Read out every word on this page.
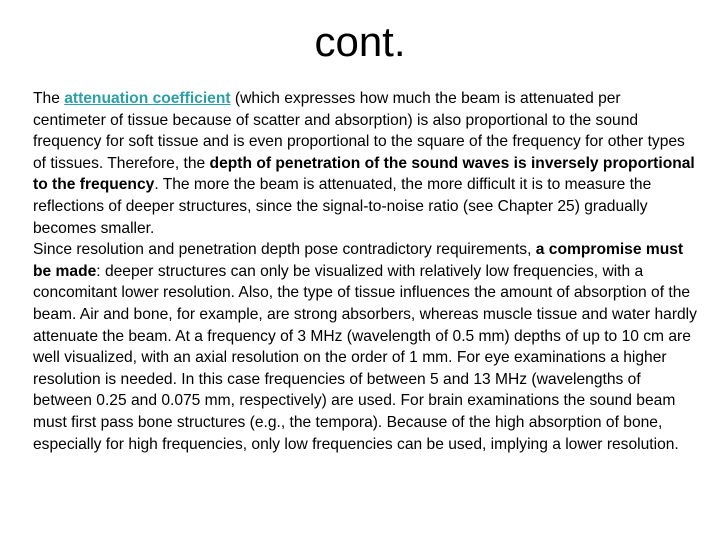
cont.

The attenuation coefficient (which expresses how much the beam is attenuated per centimeter of tissue because of scatter and absorption) is also proportional to the sound frequency for soft tissue and is even proportional to the square of the frequency for other types of tissues. Therefore, the depth of penetration of the sound waves is inversely proportional to the frequency. The more the beam is attenuated, the more difficult it is to measure the reflections of deeper structures, since the signal-to-noise ratio (see Chapter 25) gradually becomes smaller.

Since resolution and penetration depth pose contradictory requirements, a compromise must be made: deeper structures can only be visualized with relatively low frequencies, with a concomitant lower resolution. Also, the type of tissue influences the amount of absorption of the beam. Air and bone, for example, are strong absorbers, whereas muscle tissue and water hardly attenuate the beam. At a frequency of 3 MHz (wavelength of 0.5 mm) depths of up to 10 cm are well visualized, with an axial resolution on the order of 1 mm. For eye examinations a higher resolution is needed. In this case frequencies of between 5 and 13 MHz (wavelengths of between 0.25 and 0.075 mm, respectively) are used. For brain examinations the sound beam must first pass bone structures (e.g., the tempora). Because of the high absorption of bone, especially for high frequencies, only low frequencies can be used, implying a lower resolution.
